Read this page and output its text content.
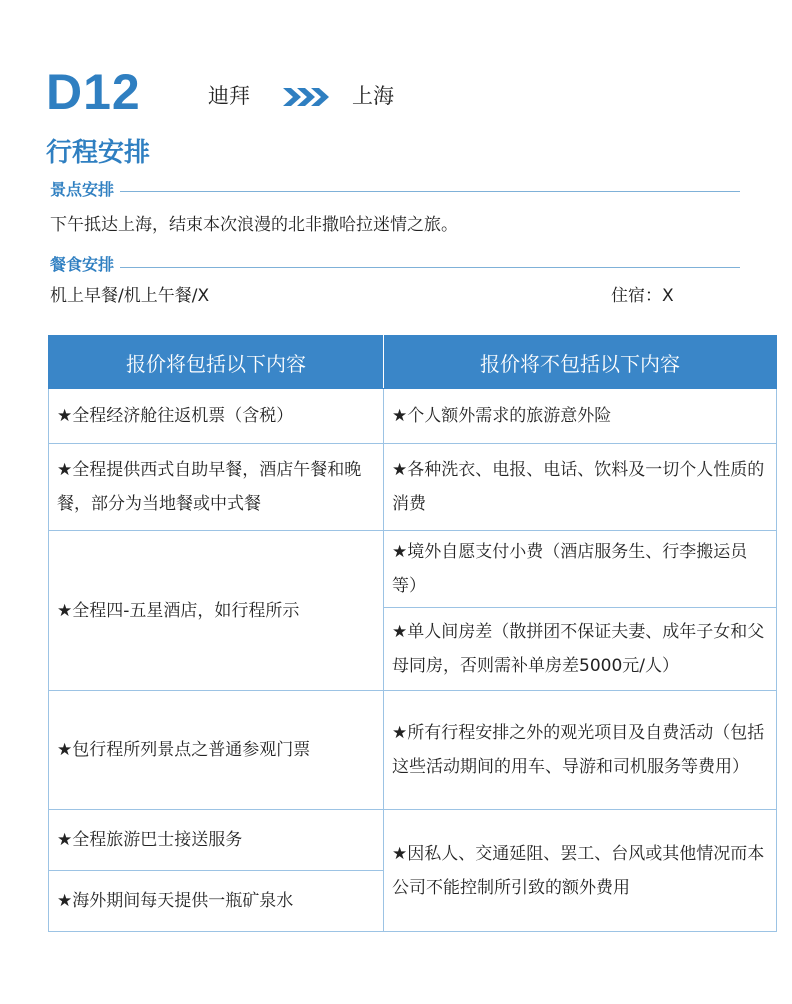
D12	迪拜	上海
行程安排
景点安排
下午抵达上海，结束本次浪漫的北非撒哈拉迷情之旅。
餐食安排
机上早餐/机上午餐/X	住宿：X
报价将包括以下内容	报价将不包括以下内容
★全程经济舱往返机票（含税）	★个人额外需求的旅游意外险
★全程提供西式自助早餐，酒店午餐和晚餐，部分为当地餐或中式餐	★各种洗衣、电报、电话、饮料及一切个人性质的消费
★全程四-五星酒店，如行程所示	★境外自愿支付小费（酒店服务生、行李搬运员等）
	★单人间房差（散拼团不保证夫妻、成年子女和父母同房，否则需补单房差5000元/人）
★包行程所列景点之普通参观门票	★所有行程安排之外的观光项目及自费活动（包括这些活动期间的用车、导游和司机服务等费用）
★全程旅游巴士接送服务	★因私人、交通延阻、罢工、台风或其他情况而本公司不能控制所引致的额外费用
★海外期间每天提供一瓶矿泉水	
